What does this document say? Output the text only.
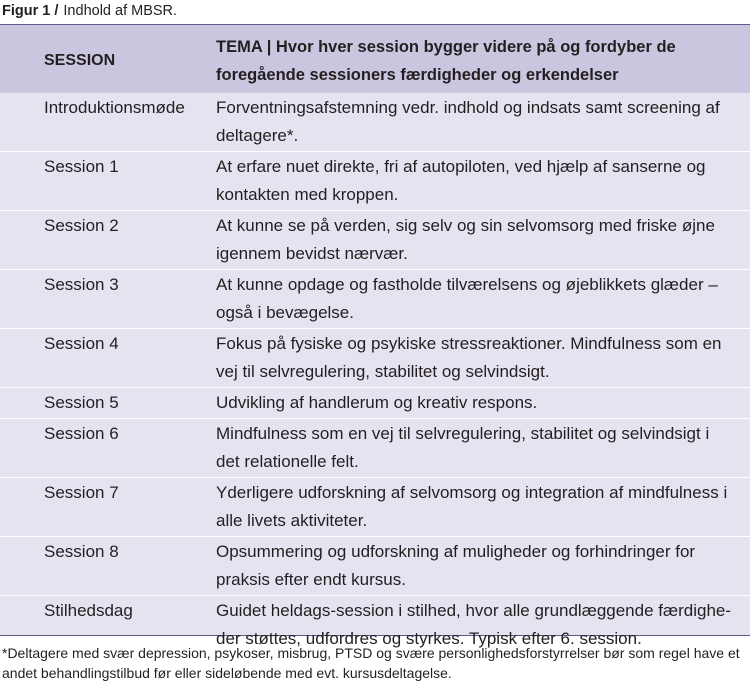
Figur 1 / Indhold af MBSR.
SESSION	TEMA | Hvor hver session bygger videre på og fordyber de foregående sessioners færdigheder og erkendelser
Introduktionsmøde	Forventningsafstemning vedr. indhold og indsats samt screening af deltagere*.
Session 1	At erfare nuet direkte, fri af autopiloten, ved hjælp af sanserne og kontakten med kroppen.
Session 2	At kunne se på verden, sig selv og sin selvomsorg med friske øjne igennem bevidst nærvær.
Session 3	At kunne opdage og fastholde tilværelsens og øjeblikkets glæder – også i bevægelse.
Session 4	Fokus på fysiske og psykiske stressreaktioner. Mindfulness som en vej til selvregulering, stabilitet og selvindsigt.
Session 5	Udvikling af handlerum og kreativ respons.
Session 6	Mindfulness som en vej til selvregulering, stabilitet og selvindsigt i det relationelle felt.
Session 7	Yderligere udforskning af selvomsorg og integration af mindfulness i alle livets aktiviteter.
Session 8	Opsummering og udforskning af muligheder og forhindringer for praksis efter endt kursus.
Stilhedsdag	Guidet heldags-session i stilhed, hvor alle grundlæggende færdigheder støttes, udfordres og styrkes. Typisk efter 6. session.
*Deltagere med svær depression, psykoser, misbrug, PTSD og svære personlighedsforstyrrelser bør som regel have et andet behandlingstilbud før eller sideløbende med evt. kursusdeltagelse.
